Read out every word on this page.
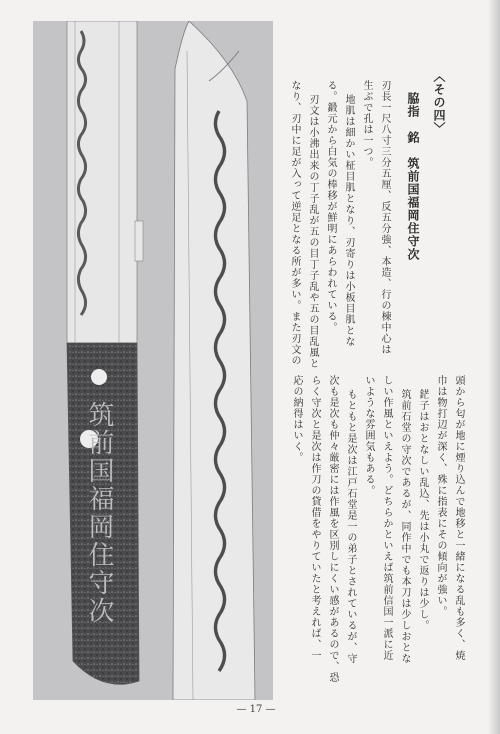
筑前国福岡住守次
〈その四〉
脇指　銘　筑前国福岡住守次
刃長一尺八寸三分五厘、反五分強、本造、行の棟中心は
生ぶで孔は一つ。
地肌は細かい柾目肌となり、刃寄りは小板目肌とな
る。鍛元から白気の棒移が鮮明にあらわれている。
刃文は小沸出来の丁子乱が五の目丁子乱や五の目乱風と
なり、刃中に足が入って逆足となる所が多い。また刃文の
頭から匂が地に煙り込んで地移と一緒になる乱も多く、焼
巾は物打辺が深く、殊に指表にその傾向が強い。
鋩子はおとなしい乱込、先は小丸で返りは少し。
筑前石堂の守次であるが、同作中でも本刀は少しおとな
しい作風といえよう。どちらかといえば筑前信国一派に近
いような雰囲気もある。
もともと是次は江戸石堂是一の弟子とされているが、守
次も是次も仲々厳密には作風を区別しにくい感があるので、恐
らく守次と是次は作刀の貸借をやりていたと考えれば、一
応の納得はいく。
— 17 —
